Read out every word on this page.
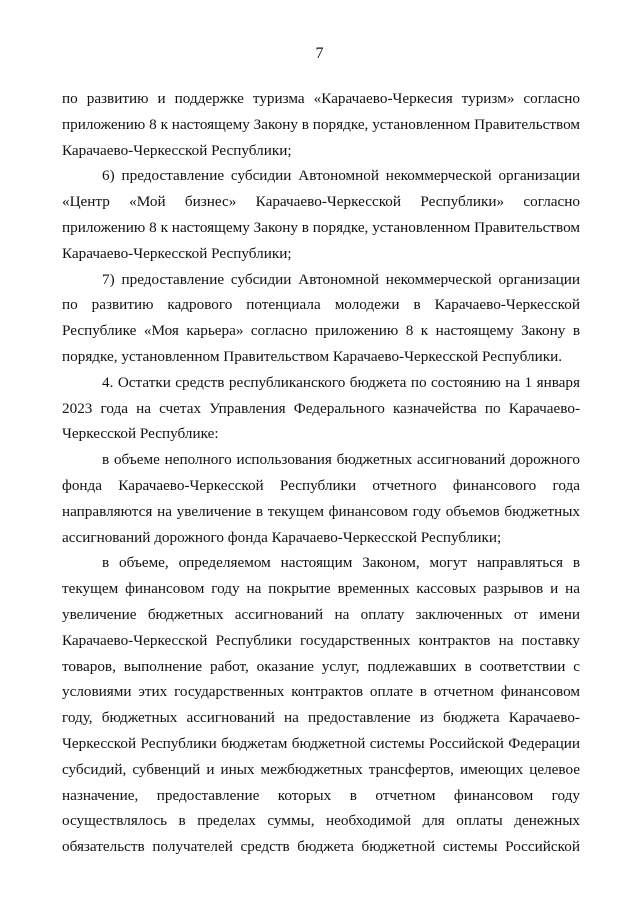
7
по развитию и поддержке туризма «Карачаево-Черкесия туризм» согласно
приложению 8 к настоящему Закону в порядке, установленном Правительством
Карачаево-Черкесской Республики;
6) предоставление субсидии Автономной некоммерческой организации
«Центр «Мой бизнес» Карачаево-Черкесской Республики» согласно
приложению 8 к настоящему Закону в порядке, установленном Правительством
Карачаево-Черкесской Республики;
7) предоставление субсидии Автономной некоммерческой организации
по развитию кадрового потенциала молодежи в Карачаево-Черкесской
Республике «Моя карьера» согласно приложению 8 к настоящему Закону в
порядке, установленном Правительством Карачаево-Черкесской Республики.
4. Остатки средств республиканского бюджета по состоянию на 1 января
2023 года на счетах Управления Федерального казначейства по Карачаево-
Черкесской Республике:
в объеме неполного использования бюджетных ассигнований дорожного
фонда Карачаево-Черкесской Республики отчетного финансового года
направляются на увеличение в текущем финансовом году объемов бюджетных
ассигнований дорожного фонда Карачаево-Черкесской Республики;
в объеме, определяемом настоящим Законом, могут направляться в
текущем финансовом году на покрытие временных кассовых разрывов и на
увеличение бюджетных ассигнований на оплату заключенных от имени
Карачаево-Черкесской Республики государственных контрактов на поставку
товаров, выполнение работ, оказание услуг, подлежавших в соответствии с
условиями этих государственных контрактов оплате в отчетном финансовом
году, бюджетных ассигнований на предоставление из бюджета Карачаево-
Черкесской Республики бюджетам бюджетной системы Российской Федерации
субсидий, субвенций и иных межбюджетных трансфертов, имеющих целевое
назначение, предоставление которых в отчетном финансовом году
осуществлялось в пределах суммы, необходимой для оплаты денежных
обязательств получателей средств бюджета бюджетной системы Российской
